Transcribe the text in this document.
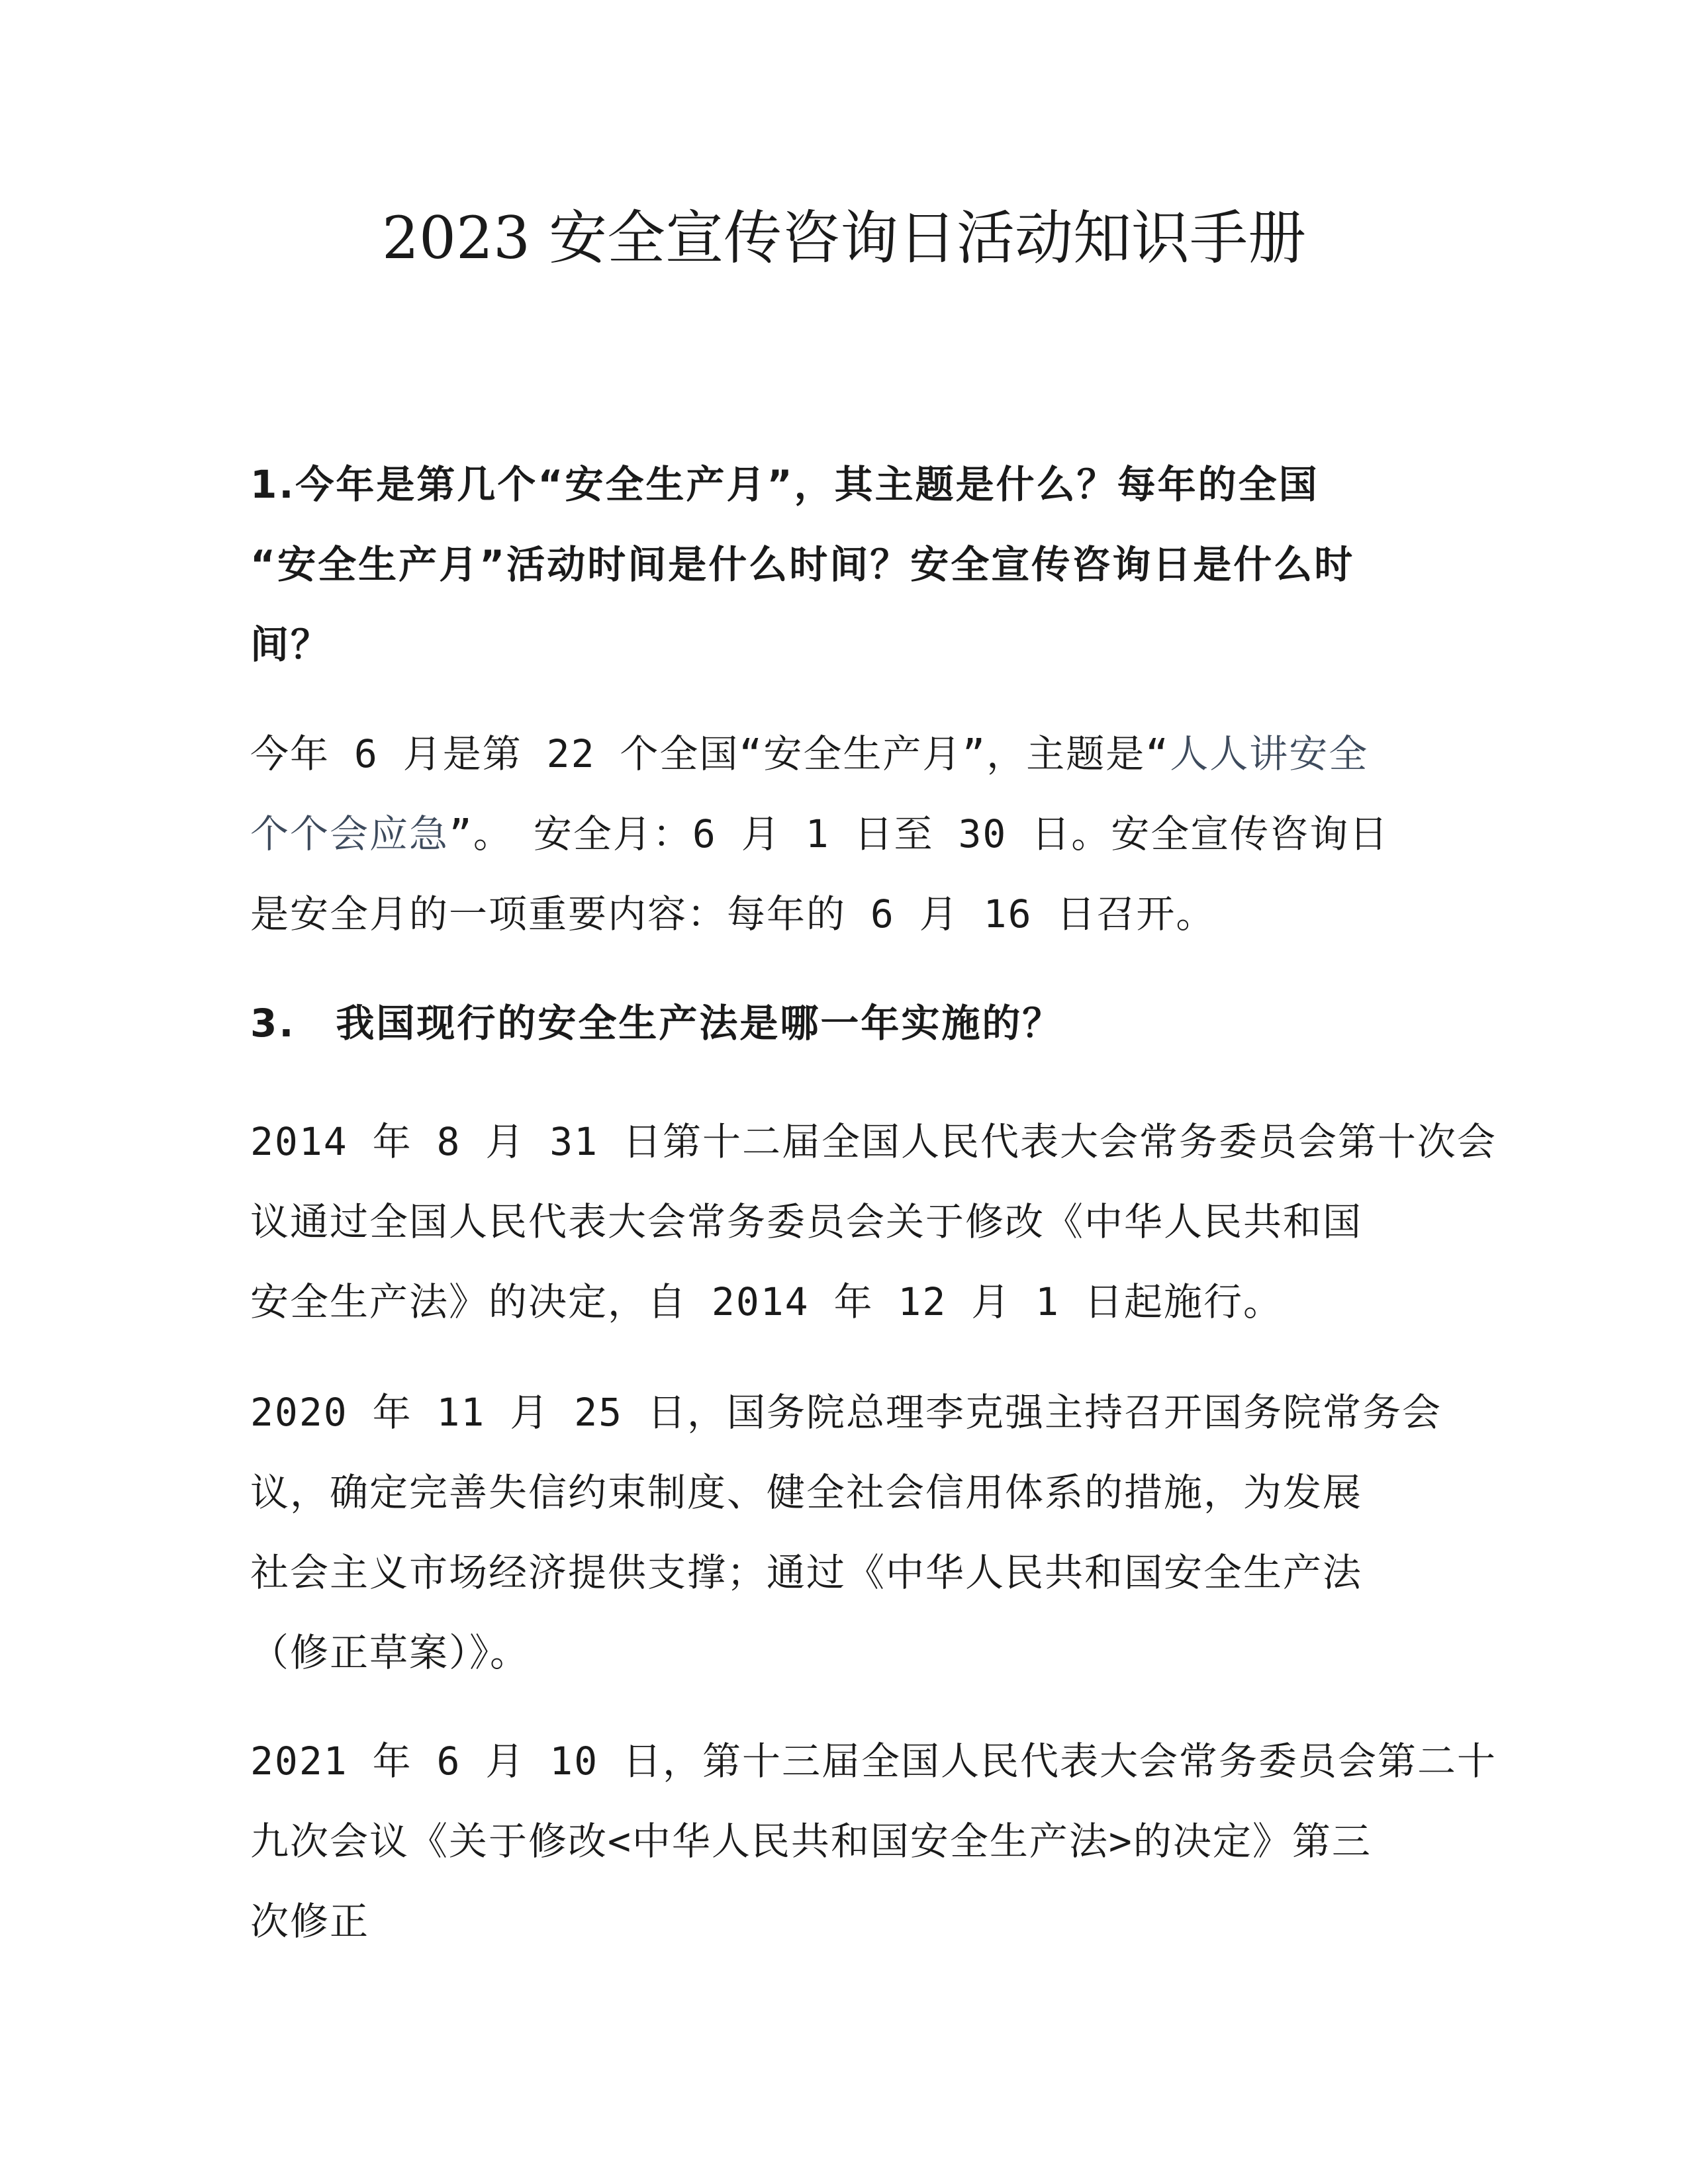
2023 安全宣传咨询日活动知识手册
1.今年是第几个“安全生产月”，其主题是什么？每年的全国
“安全生产月”活动时间是什么时间？安全宣传咨询日是什么时
间？
今年 6 月是第 22 个全国“安全生产月”，主题是“人人讲安全
个个会应急”。　安全月：6 月 1 日至 30 日。安全宣传咨询日
是安全月的一项重要内容：每年的 6 月 16 日召开。
3.　我国现行的安全生产法是哪一年实施的？
2014 年 8 月 31 日第十二届全国人民代表大会常务委员会第十次会
议通过全国人民代表大会常务委员会关于修改《中华人民共和国
安全生产法》的决定，自 2014 年 12 月 1 日起施行。
2020 年 11 月 25 日，国务院总理李克强主持召开国务院常务会
议，确定完善失信约束制度、健全社会信用体系的措施，为发展
社会主义市场经济提供支撑；通过《中华人民共和国安全生产法
（修正草案）》。
2021 年 6 月 10 日，第十三届全国人民代表大会常务委员会第二十
九次会议《关于修改<中华人民共和国安全生产法>的决定》第三
次修正
